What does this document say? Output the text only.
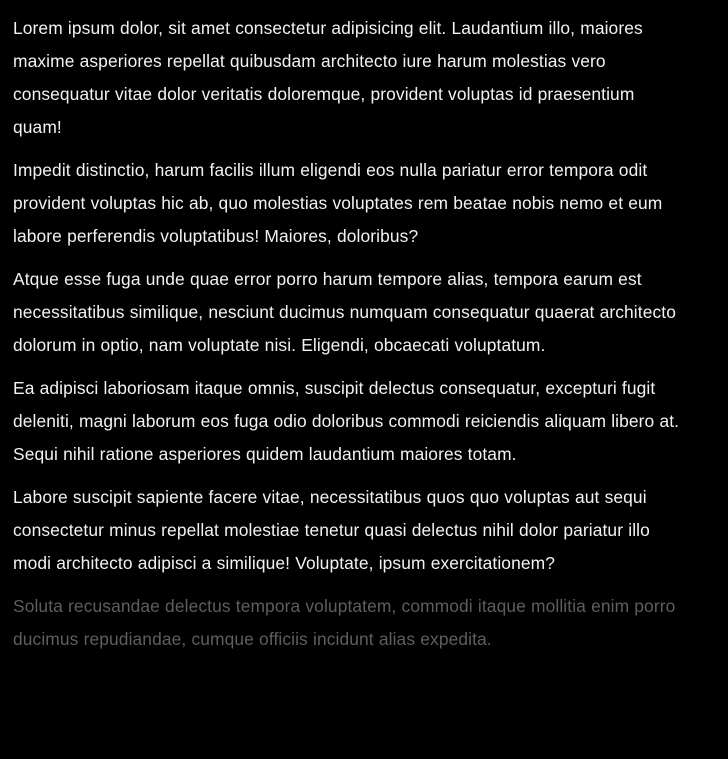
Lorem ipsum dolor, sit amet consectetur adipisicing elit. Laudantium illo, maiores maxime asperiores repellat quibusdam architecto iure harum molestias vero consequatur vitae dolor veritatis doloremque, provident voluptas id praesentium quam!

Impedit distinctio, harum facilis illum eligendi eos nulla pariatur error tempora odit provident voluptas hic ab, quo molestias voluptates rem beatae nobis nemo et eum labore perferendis voluptatibus! Maiores, doloribus?

Atque esse fuga unde quae error porro harum tempore alias, tempora earum est necessitatibus similique, nesciunt ducimus numquam consequatur quaerat architecto dolorum in optio, nam voluptate nisi. Eligendi, obcaecati voluptatum.

Ea adipisci laboriosam itaque omnis, suscipit delectus consequatur, excepturi fugit deleniti, magni laborum eos fuga odio doloribus commodi reiciendis aliquam libero at. Sequi nihil ratione asperiores quidem laudantium maiores totam.

Labore suscipit sapiente facere vitae, necessitatibus quos quo voluptas aut sequi consectetur minus repellat molestiae tenetur quasi delectus nihil dolor pariatur illo modi architecto adipisci a similique! Voluptate, ipsum exercitationem?

Soluta recusandae delectus tempora voluptatem, commodi itaque mollitia enim porro ducimus repudiandae, cumque officiis incidunt alias expedita.
